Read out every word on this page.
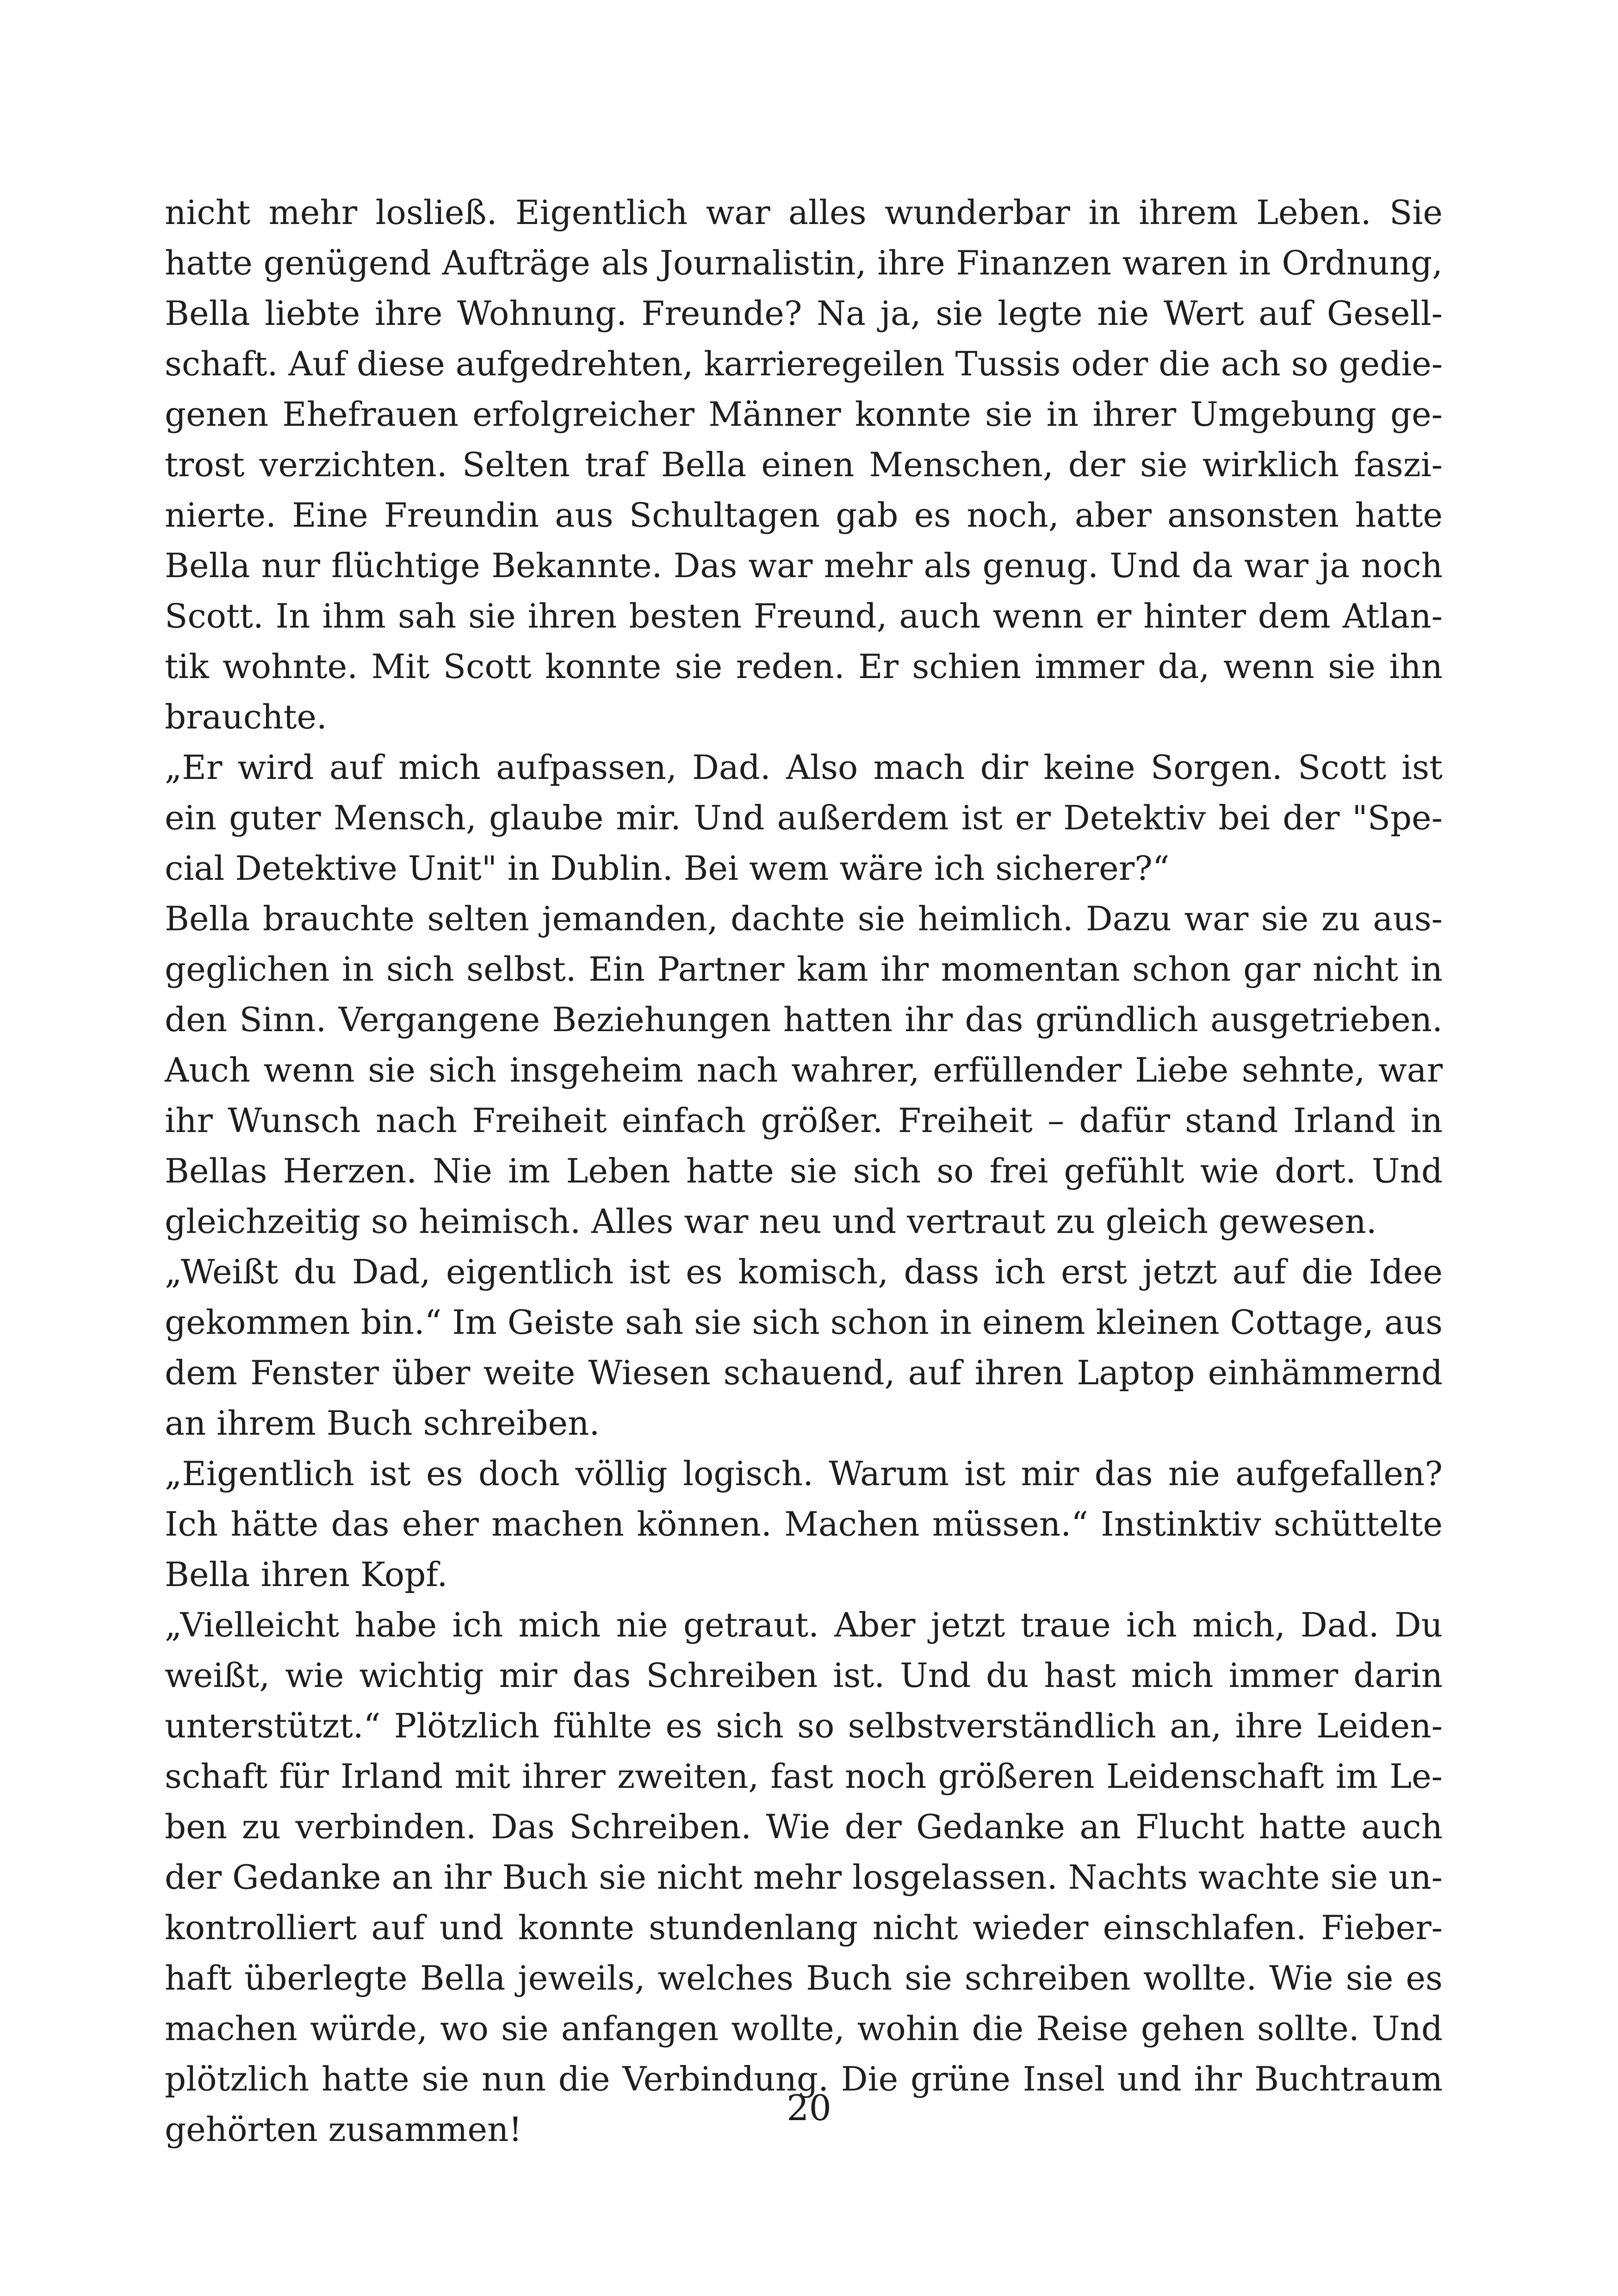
nicht mehr losließ. Eigentlich war alles wunderbar in ihrem Leben. Sie
hatte genügend Aufträge als Journalistin, ihre Finanzen waren in Ordnung,
Bella liebte ihre Wohnung. Freunde? Na ja, sie legte nie Wert auf Gesell-
schaft. Auf diese aufgedrehten, karrieregeilen Tussis oder die ach so gedie-
genen Ehefrauen erfolgreicher Männer konnte sie in ihrer Umgebung ge-
trost verzichten. Selten traf Bella einen Menschen, der sie wirklich faszi-
nierte. Eine Freundin aus Schultagen gab es noch, aber ansonsten hatte
Bella nur flüchtige Bekannte. Das war mehr als genug. Und da war ja noch
Scott. In ihm sah sie ihren besten Freund, auch wenn er hinter dem Atlan-
tik wohnte. Mit Scott konnte sie reden. Er schien immer da, wenn sie ihn
brauchte.
„Er wird auf mich aufpassen, Dad. Also mach dir keine Sorgen. Scott ist
ein guter Mensch, glaube mir. Und außerdem ist er Detektiv bei der "Spe-
cial Detektive Unit" in Dublin. Bei wem wäre ich sicherer?“
Bella brauchte selten jemanden, dachte sie heimlich. Dazu war sie zu aus-
geglichen in sich selbst. Ein Partner kam ihr momentan schon gar nicht in
den Sinn. Vergangene Beziehungen hatten ihr das gründlich ausgetrieben.
Auch wenn sie sich insgeheim nach wahrer, erfüllender Liebe sehnte, war
ihr Wunsch nach Freiheit einfach größer. Freiheit – dafür stand Irland in
Bellas Herzen. Nie im Leben hatte sie sich so frei gefühlt wie dort. Und
gleichzeitig so heimisch. Alles war neu und vertraut zu gleich gewesen.
„Weißt du Dad, eigentlich ist es komisch, dass ich erst jetzt auf die Idee
gekommen bin.“ Im Geiste sah sie sich schon in einem kleinen Cottage, aus
dem Fenster über weite Wiesen schauend, auf ihren Laptop einhämmernd
an ihrem Buch schreiben.
„Eigentlich ist es doch völlig logisch. Warum ist mir das nie aufgefallen?
Ich hätte das eher machen können. Machen müssen.“ Instinktiv schüttelte
Bella ihren Kopf.
„Vielleicht habe ich mich nie getraut. Aber jetzt traue ich mich, Dad. Du
weißt, wie wichtig mir das Schreiben ist. Und du hast mich immer darin
unterstützt.“ Plötzlich fühlte es sich so selbstverständlich an, ihre Leiden-
schaft für Irland mit ihrer zweiten, fast noch größeren Leidenschaft im Le-
ben zu verbinden. Das Schreiben. Wie der Gedanke an Flucht hatte auch
der Gedanke an ihr Buch sie nicht mehr losgelassen. Nachts wachte sie un-
kontrolliert auf und konnte stundenlang nicht wieder einschlafen. Fieber-
haft überlegte Bella jeweils, welches Buch sie schreiben wollte. Wie sie es
machen würde, wo sie anfangen wollte, wohin die Reise gehen sollte. Und
plötzlich hatte sie nun die Verbindung. Die grüne Insel und ihr Buchtraum
gehörten zusammen!
20
